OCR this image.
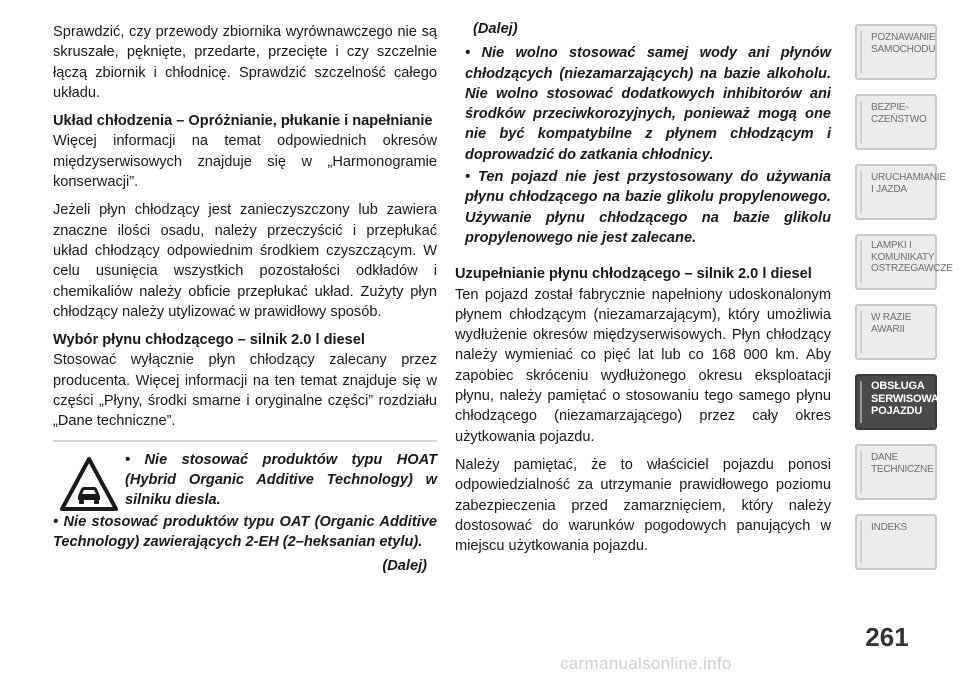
Sprawdzić, czy przewody zbiornika wyrównawczego nie są skruszałe, pęknięte, przedarte, przecięte i czy szczelnie łączą zbiornik i chłodnicę. Sprawdzić szczelność całego układu.

Układ chłodzenia – Opróżnianie, płukanie i napełnianie

Więcej informacji na temat odpowiednich okresów międzyserwisowych znajduje się w „Harmonogramie konserwacji”.

Jeżeli płyn chłodzący jest zanieczyszczony lub zawiera znaczne ilości osadu, należy przeczyścić i przepłukać układ chłodzący odpowiednim środkiem czyszczącym. W celu usunięcia wszystkich pozostałości odkładów i chemikaliów należy obficie przepłukać układ. Zużyty płyn chłodzący należy utylizować w prawidłowy sposób.

Wybór płynu chłodzącego – silnik 2.0 l diesel

Stosować wyłącznie płyn chłodzący zalecany przez producenta. Więcej informacji na ten temat znajduje się w części „Płyny, środki smarne i oryginalne części” rozdziału „Dane techniczne”.

• Nie stosować produktów typu HOAT (Hybrid Organic Additive Technology) w silniku diesla.

• Nie stosować produktów typu OAT (Organic Additive Technology) zawierających 2-EH (2–heksanian etylu).

(Dalej)
(Dalej)

• Nie wolno stosować samej wody ani płynów chłodzących (niezamarzających) na bazie alkoholu. Nie wolno stosować dodatkowych inhibitorów ani środków przeciwkorozyjnych, ponieważ mogą one nie być kompatybilne z płynem chłodzącym i doprowadzić do zatkania chłodnicy.

• Ten pojazd nie jest przystosowany do używania płynu chłodzącego na bazie glikolu propylenowego. Używanie płynu chłodzącego na bazie glikolu propylenowego nie jest zalecane.

Uzupełnianie płynu chłodzącego – silnik 2.0 l diesel

Ten pojazd został fabrycznie napełniony udoskonalonym płynem chłodzącym (niezamarzającym), który umożliwia wydłużenie okresów międzyserwisowych. Płyn chłodzący należy wymieniać co pięć lat lub co 168 000 km. Aby zapobiec skróceniu wydłużonego okresu eksploatacji płynu, należy pamiętać o stosowaniu tego samego płynu chłodzącego (niezamarzającego) przez cały okres użytkowania pojazdu.

Należy pamiętać, że to właściciel pojazdu ponosi odpowiedzialność za utrzymanie prawidłowego poziomu zabezpieczenia przed zamarznięciem, który należy dostosować do warunków pogodowych panujących w miejscu użytkowania pojazdu.

POZNAWANIE
SAMOCHODU
BEZPIE-
CZEŃSTWO
URUCHAMIANIE
I JAZDA
LAMPKI I
KOMUNIKATY
OSTRZEGAWCZE
W RAZIE
AWARII
OBSŁUGA
SERWISOWA
POJAZDU
DANE
TECHNICZNE
INDEKS
261
carmanualsonline.info
